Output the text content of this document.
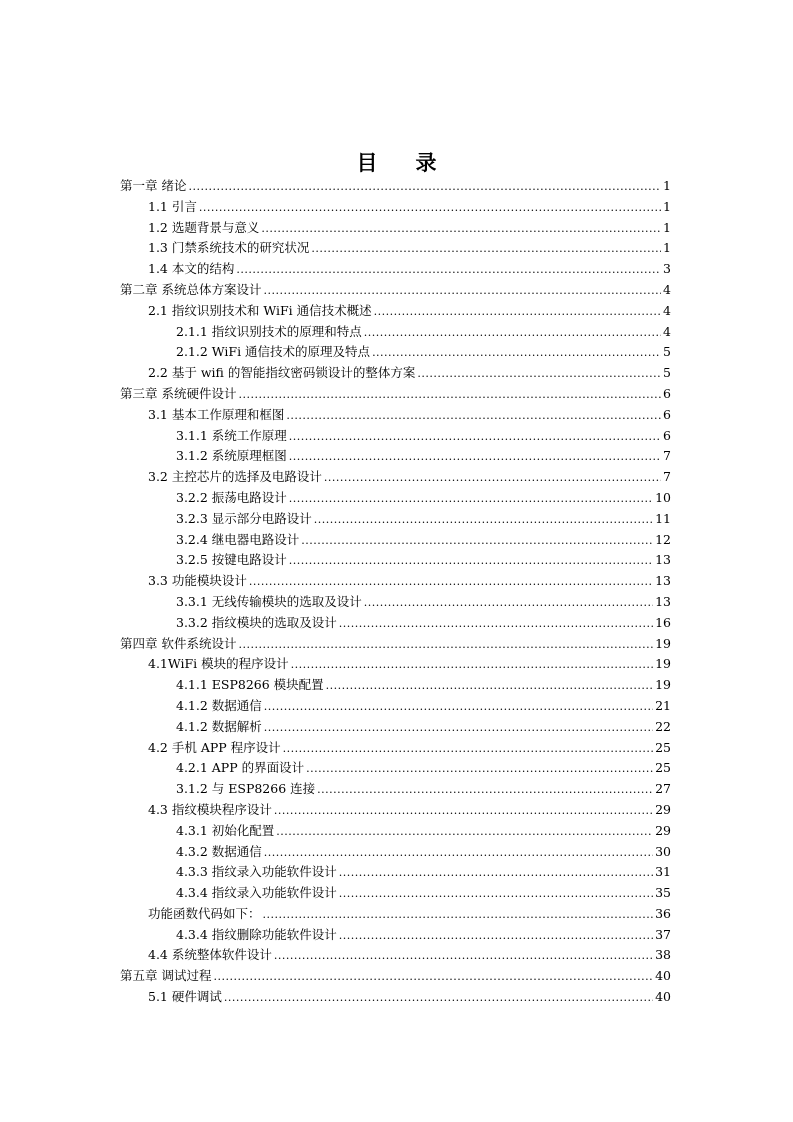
目录
第一章 绪论 .....	1
1.1 引言 .....	1
1.2 选题背景与意义 .....	1
1.3 门禁系统技术的研究状况 .....	1
1.4 本文的结构 .....	3
第二章 系统总体方案设计 .....	4
2.1 指纹识别技术和 WiFi 通信技术概述 .....	4
2.1.1 指纹识别技术的原理和特点 .....	4
2.1.2 WiFi 通信技术的原理及特点 .....	5
2.2 基于 wifi 的智能指纹密码锁设计的整体方案 .....	5
第三章 系统硬件设计 .....	6
3.1 基本工作原理和框图 .....	6
3.1.1 系统工作原理 .....	6
3.1.2 系统原理框图 .....	7
3.2 主控芯片的选择及电路设计 .....	7
3.2.2 振荡电路设计 .....	10
3.2.3 显示部分电路设计 .....	11
3.2.4 继电器电路设计 .....	12
3.2.5 按键电路设计 .....	13
3.3 功能模块设计 .....	13
3.3.1 无线传输模块的选取及设计 .....	13
3.3.2 指纹模块的选取及设计 .....	16
第四章 软件系统设计 .....	19
4.1WiFi 模块的程序设计 .....	19
4.1.1 ESP8266 模块配置 .....	19
4.1.2 数据通信 .....	21
4.1.2 数据解析 .....	22
4.2 手机 APP 程序设计 .....	25
4.2.1 APP 的界面设计 .....	25
3.1.2 与 ESP8266 连接 .....	27
4.3 指纹模块程序设计 .....	29
4.3.1 初始化配置 .....	29
4.3.2 数据通信 .....	30
4.3.3 指纹录入功能软件设计 .....	31
4.3.4 指纹录入功能软件设计 .....	35
功能函数代码如下： .....	36
4.3.4 指纹删除功能软件设计 .....	37
4.4 系统整体软件设计 .....	38
第五章 调试过程 .....	40
5.1 硬件调试 .....	40
